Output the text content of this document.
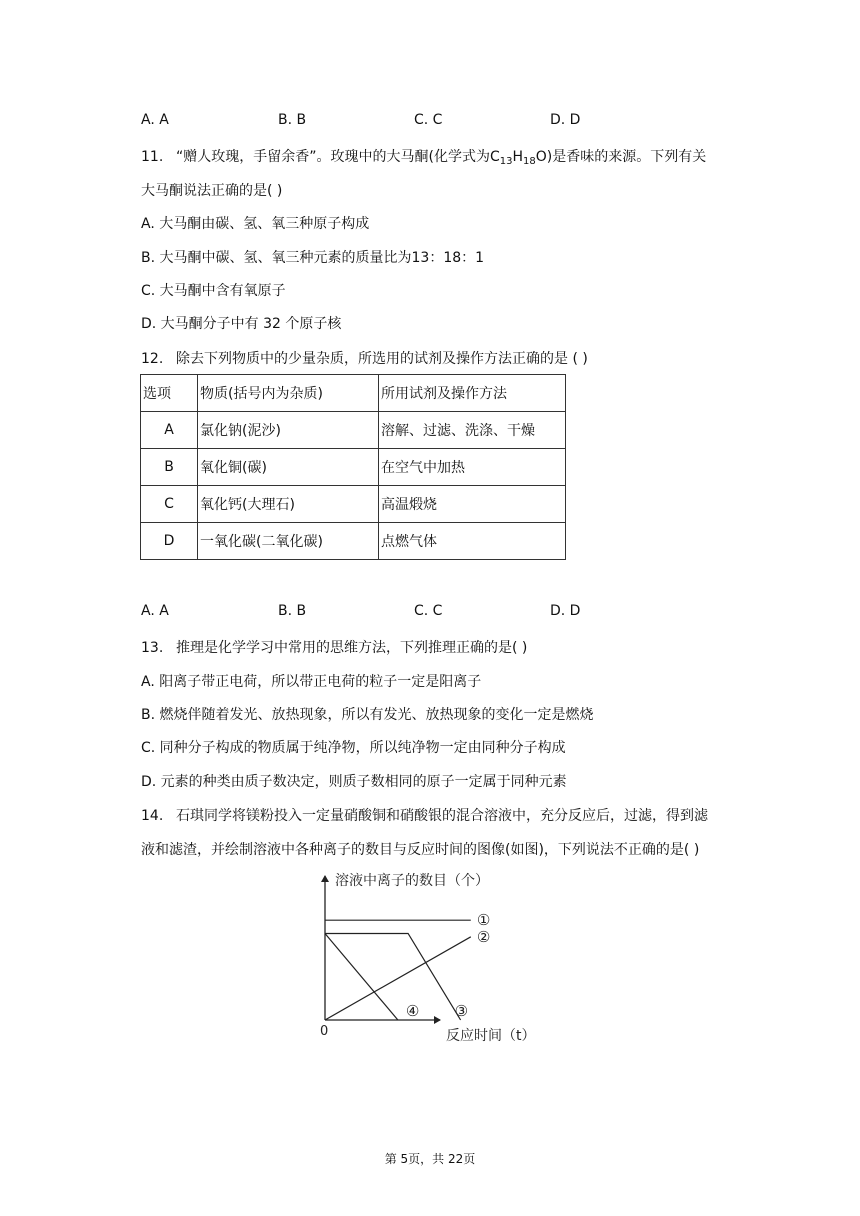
A. A	B. B	C. C	D. D
11. “赠人玫瑰，手留余香”。玫瑰中的大马酮(化学式为$C_{13}H_{18}O$)是香味的来源。下列有关
大马酮说法正确的是( )
A. 大马酮由碳、氢、氧三种原子构成
B. 大马酮中碳、氢、氧三种元素的质量比为13：18：1
C. 大马酮中含有氧原子
D. 大马酮分子中有 32 个原子核
12. 除去下列物质中的少量杂质，所选用的试剂及操作方法正确的是 ( )
选项	物质(括号内为杂质)	所用试剂及操作方法
A	氯化钠(泥沙)	溶解、过滤、洗涤、干燥
B	氧化铜(碳)	在空气中加热
C	氧化钙(大理石)	高温煅烧
D	一氧化碳(二氧化碳)	点燃气体
A. A	B. B	C. C	D. D
13. 推理是化学学习中常用的思维方法，下列推理正确的是( )
A. 阳离子带正电荷，所以带正电荷的粒子一定是阳离子
B. 燃烧伴随着发光、放热现象，所以有发光、放热现象的变化一定是燃烧
C. 同种分子构成的物质属于纯净物，所以纯净物一定由同种分子构成
D. 元素的种类由质子数决定，则质子数相同的原子一定属于同种元素
14. 石琪同学将镁粉投入一定量硝酸铜和硝酸银的混合溶液中，充分反应后，过滤，得到滤
液和滤渣，并绘制溶液中各种离子的数目与反应时间的图像(如图)，下列说法不正确的是( )
溶液中离子的数目（个）
反应时间（t）
0
①
②
③
④
第 5页，共 22页
